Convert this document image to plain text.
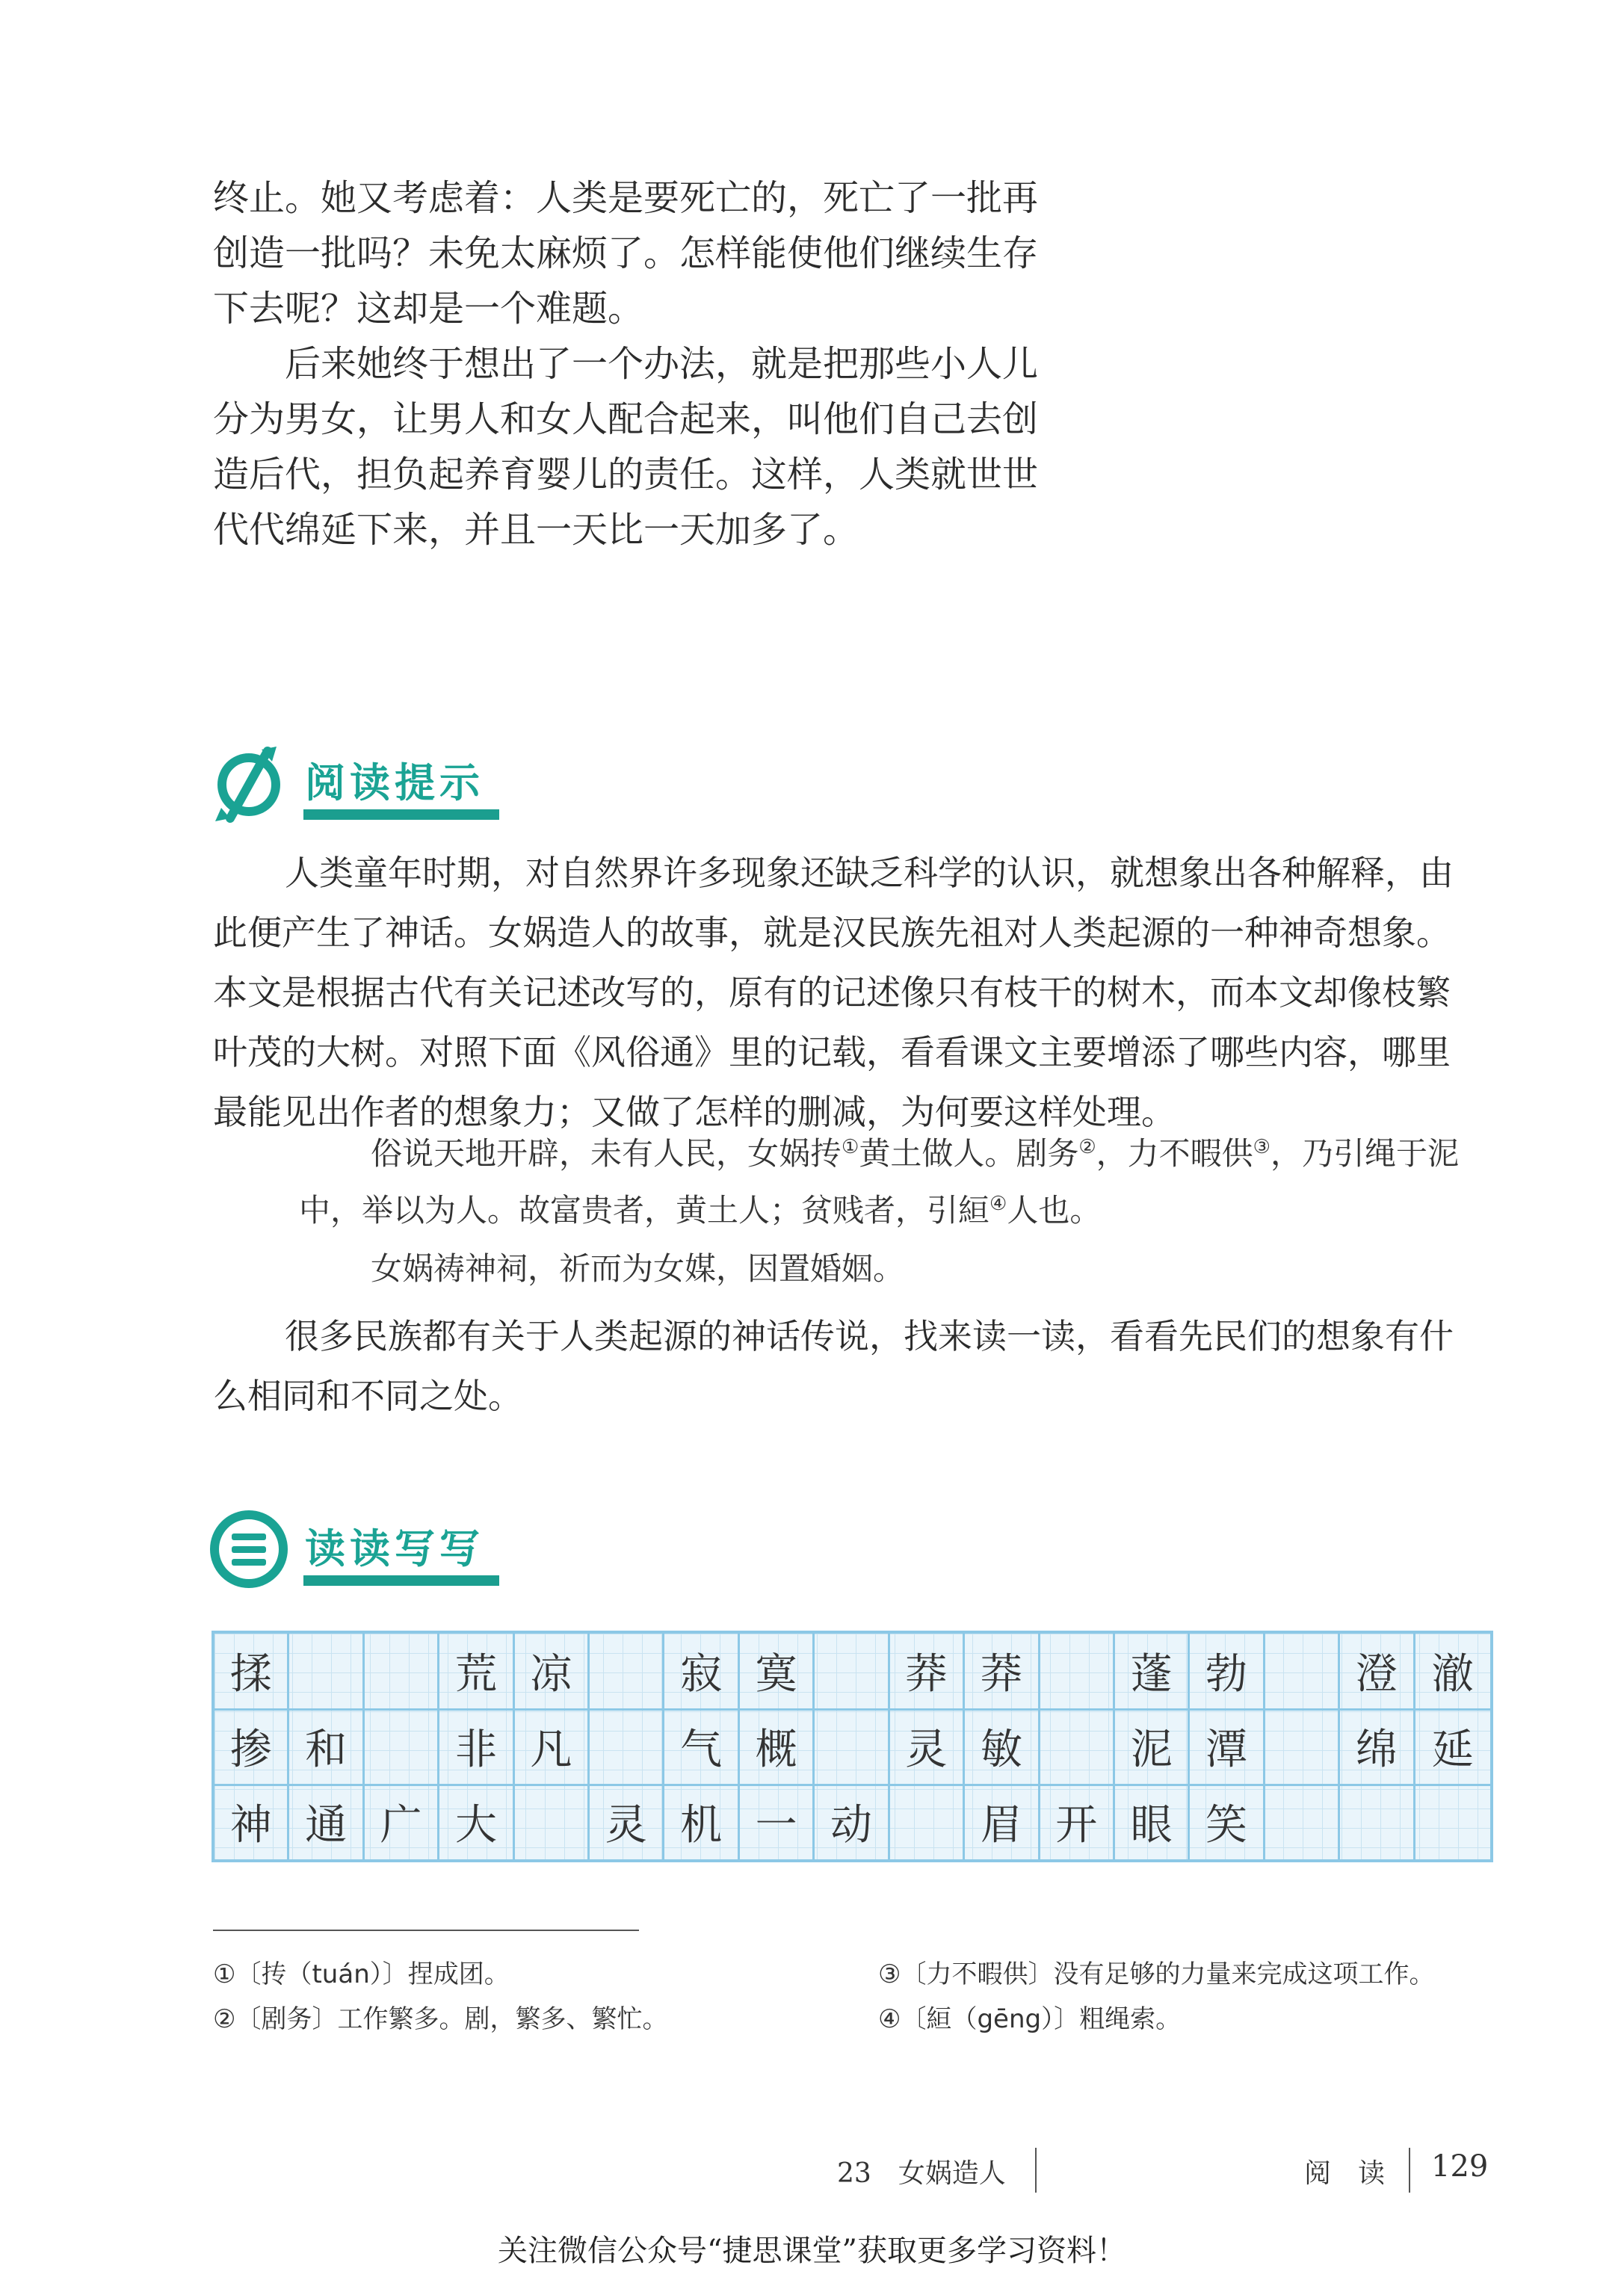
终止。她又考虑着：人类是要死亡的，死亡了一批再创造一批吗？未免太麻烦了。怎样能使他们继续生存下去呢？这却是一个难题。

后来她终于想出了一个办法，就是把那些小人儿分为男女，让男人和女人配合起来，叫他们自己去创造后代，担负起养育婴儿的责任。这样，人类就世世代代绵延下来，并且一天比一天加多了。

阅读提示

人类童年时期，对自然界许多现象还缺乏科学的认识，就想象出各种解释，由此便产生了神话。女娲造人的故事，就是汉民族先祖对人类起源的一种神奇想象。本文是根据古代有关记述改写的，原有的记述像只有枝干的树木，而本文却像枝繁叶茂的大树。对照下面《风俗通》里的记载，看看课文主要增添了哪些内容，哪里最能见出作者的想象力；又做了怎样的删减，为何要这样处理。

俗说天地开辟，未有人民，女娲抟①黄土做人。剧务②，力不暇供③，乃引绳于泥中，举以为人。故富贵者，黄土人；贫贱者，引絙④人也。

女娲祷神祠，祈而为女媒，因置婚姻。

很多民族都有关于人类起源的神话传说，找来读一读，看看先民们的想象有什么相同和不同之处。

读读写写
揉	荒 凉	寂 寞	莽 莽	蓬 勃	澄 澈
掺 和	非 凡	气 概	灵 敏	泥 潭	绵 延
神 通 广 大	灵 机 一 动	眉 开 眼 笑
①〔抟（tuán）〕捏成团。
②〔剧务〕工作繁多。剧，繁多、繁忙。
③〔力不暇供〕没有足够的力量来完成这项工作。
④〔絙（gēng）〕粗绳索。
23　女娲造人	阅　读 129
关注微信公众号“捷思课堂”获取更多学习资料！
